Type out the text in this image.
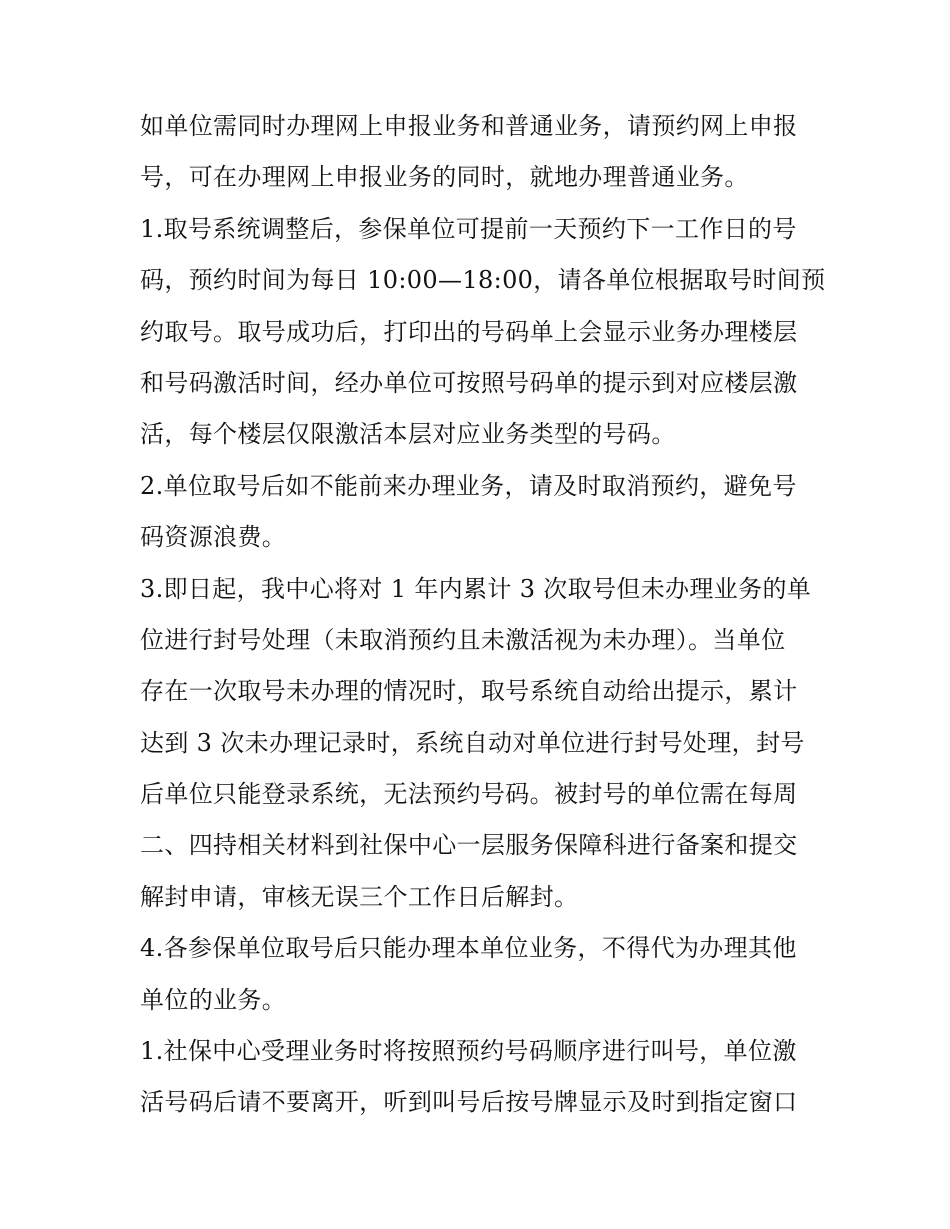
如单位需同时办理网上申报业务和普通业务，请预约网上申报
号，可在办理网上申报业务的同时，就地办理普通业务。
1.取号系统调整后，参保单位可提前一天预约下一工作日的号
码，预约时间为每日 10:00—18:00，请各单位根据取号时间预
约取号。取号成功后，打印出的号码单上会显示业务办理楼层
和号码激活时间，经办单位可按照号码单的提示到对应楼层激
活，每个楼层仅限激活本层对应业务类型的号码。
2.单位取号后如不能前来办理业务，请及时取消预约，避免号
码资源浪费。
3.即日起，我中心将对 1 年内累计 3 次取号但未办理业务的单
位进行封号处理（未取消预约且未激活视为未办理）。当单位
存在一次取号未办理的情况时，取号系统自动给出提示，累计
达到 3 次未办理记录时，系统自动对单位进行封号处理，封号
后单位只能登录系统，无法预约号码。被封号的单位需在每周
二、四持相关材料到社保中心一层服务保障科进行备案和提交
解封申请，审核无误三个工作日后解封。
4.各参保单位取号后只能办理本单位业务，不得代为办理其他
单位的业务。
1.社保中心受理业务时将按照预约号码顺序进行叫号，单位激
活号码后请不要离开，听到叫号后按号牌显示及时到指定窗口
